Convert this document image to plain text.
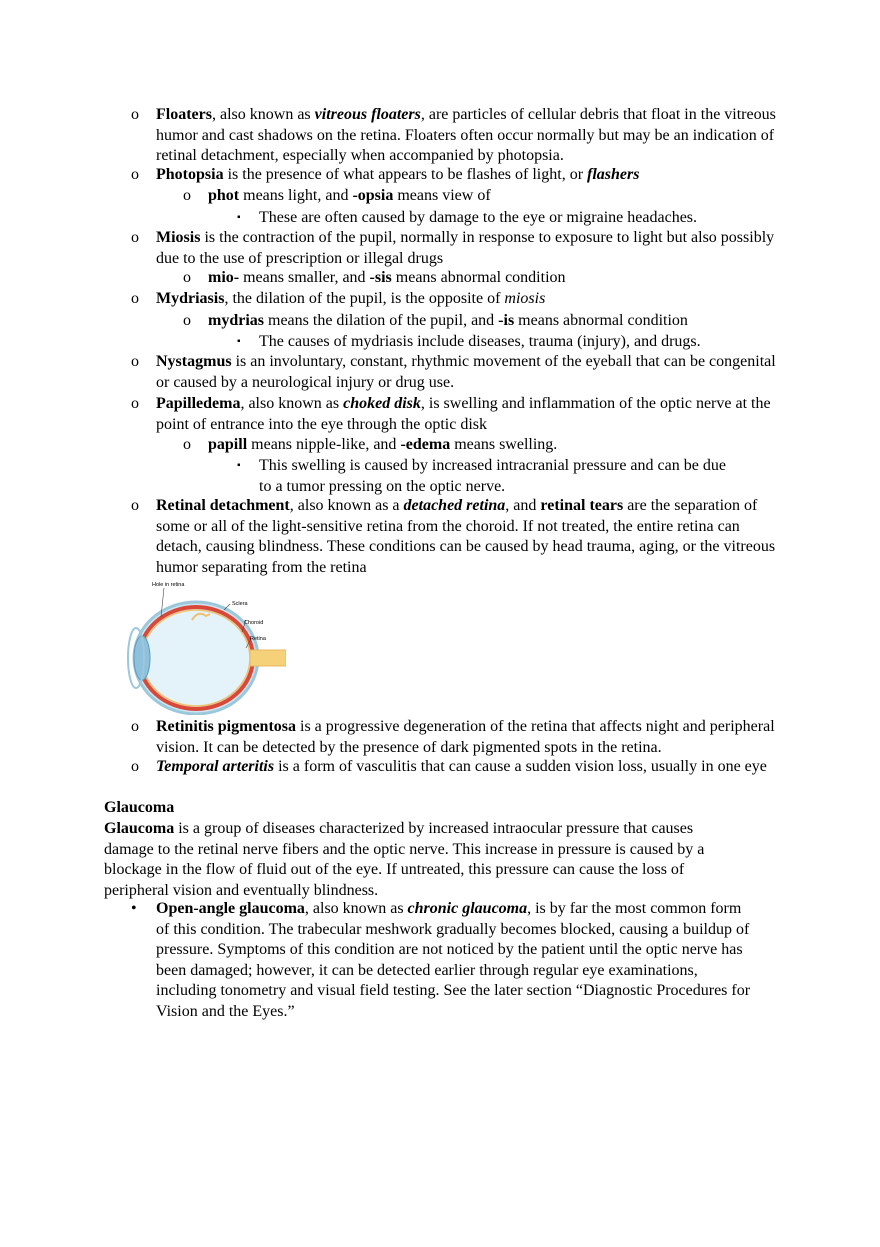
o Floaters, also known as vitreous floaters, are particles of cellular debris that float in the vitreous humor and cast shadows on the retina. Floaters often occur normally but may be an indication of retinal detachment, especially when accompanied by photopsia.
o Photopsia is the presence of what appears to be flashes of light, or flashers
o phot means light, and -opsia means view of
▪ These are often caused by damage to the eye or migraine headaches.
o Miosis is the contraction of the pupil, normally in response to exposure to light but also possibly due to the use of prescription or illegal drugs
o mio- means smaller, and -sis means abnormal condition
o Mydriasis, the dilation of the pupil, is the opposite of miosis
o mydrias means the dilation of the pupil, and -is means abnormal condition
▪ The causes of mydriasis include diseases, trauma (injury), and drugs.
o Nystagmus is an involuntary, constant, rhythmic movement of the eyeball that can be congenital or caused by a neurological injury or drug use.
o Papilledema, also known as choked disk, is swelling and inflammation of the optic nerve at the point of entrance into the eye through the optic disk
o papill means nipple-like, and -edema means swelling.
▪ This swelling is caused by increased intracranial pressure and can be due to a tumor pressing on the optic nerve.
o Retinal detachment, also known as a detached retina, and retinal tears are the separation of some or all of the light-sensitive retina from the choroid. If not treated, the entire retina can detach, causing blindness. These conditions can be caused by head trauma, aging, or the vitreous humor separating from the retina
o Retinitis pigmentosa is a progressive degeneration of the retina that affects night and peripheral vision. It can be detected by the presence of dark pigmented spots in the retina.
o Temporal arteritis is a form of vasculitis that can cause a sudden vision loss, usually in one eye
Glaucoma
Glaucoma is a group of diseases characterized by increased intraocular pressure that causes damage to the retinal nerve fibers and the optic nerve. This increase in pressure is caused by a blockage in the flow of fluid out of the eye. If untreated, this pressure can cause the loss of peripheral vision and eventually blindness.
• Open-angle glaucoma, also known as chronic glaucoma, is by far the most common form of this condition. The trabecular meshwork gradually becomes blocked, causing a buildup of pressure. Symptoms of this condition are not noticed by the patient until the optic nerve has been damaged; however, it can be detected earlier through regular eye examinations, including tonometry and visual field testing. See the later section “Diagnostic Procedures for Vision and the Eyes.”
Hole in retina
Sclera
Choroid
Retina
